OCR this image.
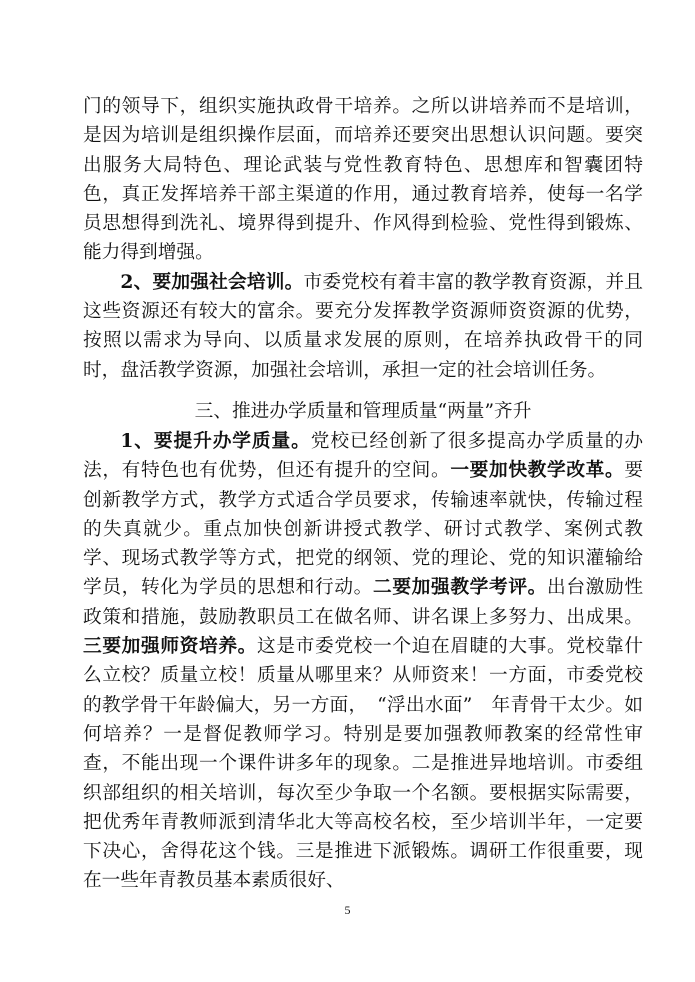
门的领导下，组织实施执政骨干培养。之所以讲培养而不是培训，是因为培训是组织操作层面，而培养还要突出思想认识问题。要突出服务大局特色、理论武装与党性教育特色、思想库和智囊团特色，真正发挥培养干部主渠道的作用，通过教育培养，使每一名学员思想得到洗礼、境界得到提升、作风得到检验、党性得到锻炼、能力得到增强。

2、要加强社会培训。市委党校有着丰富的教学教育资源，并且这些资源还有较大的富余。要充分发挥教学资源师资资源的优势，按照以需求为导向、以质量求发展的原则，在培养执政骨干的同时，盘活教学资源，加强社会培训，承担一定的社会培训任务。

三、推进办学质量和管理质量“两量”齐升

1、要提升办学质量。党校已经创新了很多提高办学质量的办法，有特色也有优势，但还有提升的空间。一要加快教学改革。要创新教学方式，教学方式适合学员要求，传输速率就快，传输过程的失真就少。重点加快创新讲授式教学、研讨式教学、案例式教学、现场式教学等方式，把党的纲领、党的理论、党的知识灌输给学员，转化为学员的思想和行动。二要加强教学考评。出台激励性政策和措施，鼓励教职员工在做名师、讲名课上多努力、出成果。三要加强师资培养。这是市委党校一个迫在眉睫的大事。党校靠什么立校？质量立校！质量从哪里来？从师资来！一方面，市委党校的教学骨干年龄偏大，另一方面，　“浮出水面”　年青骨干太少。如何培养？一是督促教师学习。特别是要加强教师教案的经常性审查，不能出现一个课件讲多年的现象。二是推进异地培训。市委组织部组织的相关培训，每次至少争取一个名额。要根据实际需要，把优秀年青教师派到清华北大等高校名校，至少培训半年，一定要下决心，舍得花这个钱。三是推进下派锻炼。调研工作很重要，现在一些年青教员基本素质很好、

5
